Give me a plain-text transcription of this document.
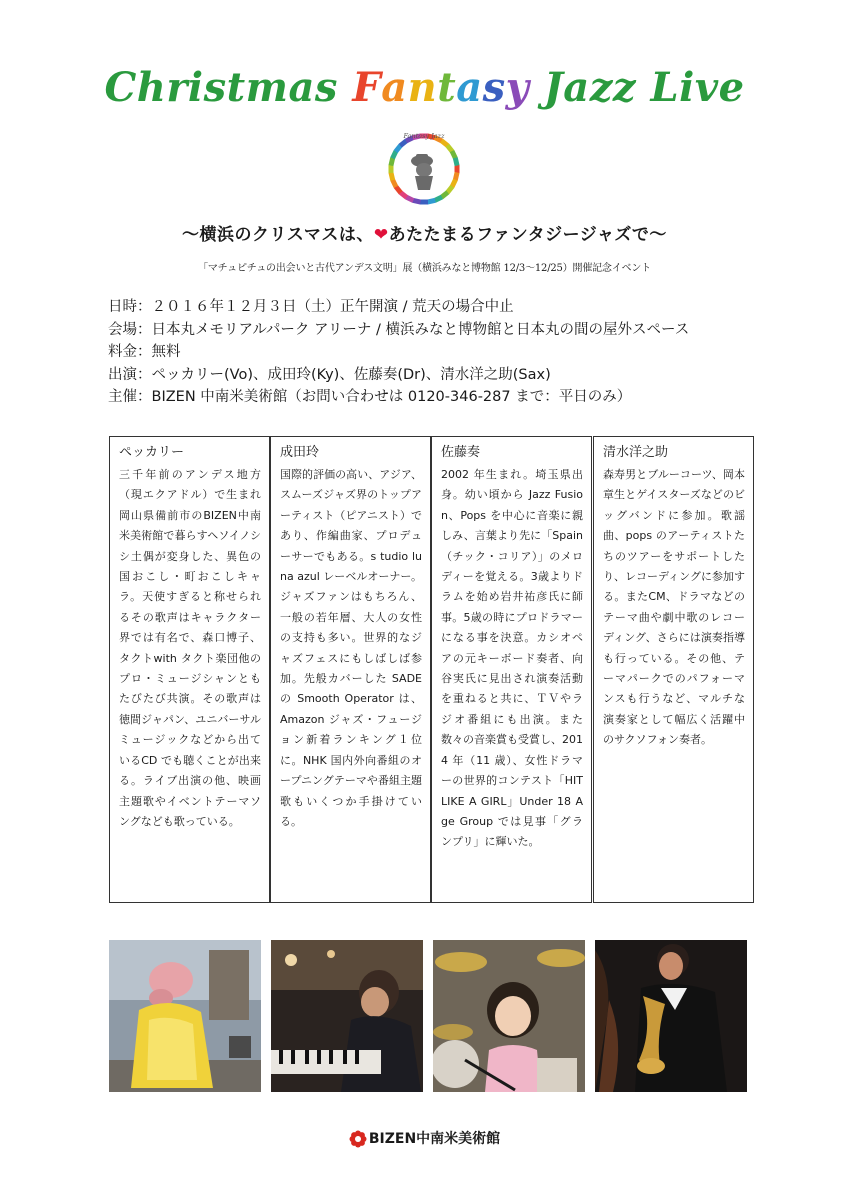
Christmas Fantasy Jazz Live
Fantasy Jazz
～横浜のクリスマスは、❤あたたまるファンタジージャズで～
「マチュピチュの出会いと古代アンデス文明」展（横浜みなと博物館 12/3～12/25）開催記念イベント
日時：２０１６年１２月３日（土）正午開演 / 荒天の場合中止
会場：日本丸メモリアルパーク アリーナ / 横浜みなと博物館と日本丸の間の屋外スペース
料金：無料
出演：ペッカリー(Vo)、成田玲(Ky)、佐藤奏(Dr)、清水洋之助(Sax)
主催：BIZEN 中南米美術館（お問い合わせは 0120-346-287 まで：平日のみ）
ペッカリー
三千年前のアンデス地方（現エクアドル）で生まれ岡山県備前市のBIZEN中南米美術館で暮らすヘソイノシシ土偶が変身した、異色の国おこし・町おこしキャラ。天使すぎると称せられるその歌声はキャラクター界では有名で、森口博子、タクトwith タクト楽団他のプロ・ミュージシャンともたびたび共演。その歌声は徳間ジャパン、ユニバーサルミュージックなどから出ているCD でも聴くことが出来る。ライブ出演の他、映画主題歌やイベントテーマソングなども歌っている。
成田玲
国際的評価の高い、アジア、スムーズジャズ界のトップアーティスト（ピアニスト）であり、作編曲家、プロデューサーでもある。s tudio luna azul レーベルオーナー。ジャズファンはもちろん、一般の若年層、大人の女性の支持も多い。世界的なジャズフェスにもしばしば参加。先般カバーした SADE の Smooth Operator は、Amazon ジャズ・フュージョン新着ランキング１位に。NHK 国内外向番組のオープニングテーマや番組主題歌もいくつか手掛けている。
佐藤奏
2002 年生まれ。埼玉県出身。幼い頃から Jazz Fusion、Pops を中心に音楽に親しみ、言葉より先に「Spain（チック・コリア）」のメロディーを覚える。3歳よりドラムを始め岩井祐彦氏に師事。5歳の時にプロドラマーになる事を決意。カシオペアの元キーボード奏者、向谷実氏に見出され演奏活動を重ねると共に、ＴＶやラジオ番組にも出演。また数々の音楽賞も受賞し、2014 年（11 歳）、女性ドラマーの世界的コンテスト「HIT LIKE A GIRL」Under 18 Age Group では見事「グランプリ」に輝いた。
清水洋之助
森寿男とブルーコーツ、岡本章生とゲイスターズなどのビッグバンドに参加。歌謡曲、pops のアーティストたちのツアーをサポートしたり、レコーディングに参加する。またCM、ドラマなどのテーマ曲や劇中歌のレコーディング、さらには演奏指導も行っている。その他、テーマパークでのパフォーマンスも行うなど、マルチな演奏家として幅広く活躍中のサクソフォン奏者。
BIZEN中南米美術館
